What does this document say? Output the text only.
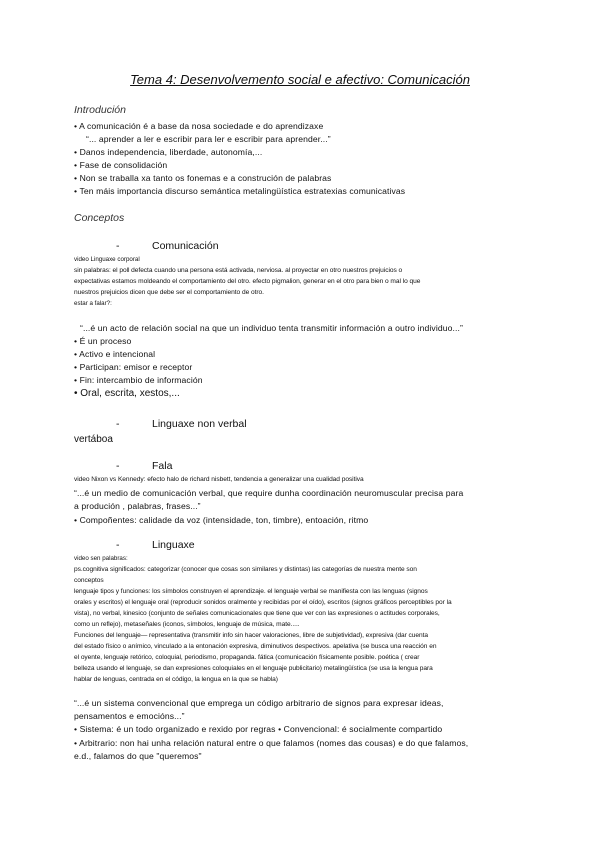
Tema 4: Desenvolvemento social e afectivo: Comunicación
Introdución
• A comunicación é a base da nosa sociedade e do aprendizaxe
“... aprender a ler e escribir para ler e escribir para aprender...”
• Danos independencia, liberdade, autonomía,...
• Fase de consolidación
• Non se traballa xa tanto os fonemas e a construción de palabras
• Ten máis importancia discurso semántica metalingüística estratexias comunicativas
Conceptos
-	Comunicación
video Linguaxe corporal
sin palabras: el poll defecta cuando una persona está activada, nerviosa. al proyectar en otro nuestros prejuicios o
expectativas estamos moldeando el comportamiento del otro. efecto pigmalion, generar en el otro para bien o mal lo que
nuestros prejuicios dicen que debe ser el comportamiento de otro.
estar a falar?:
“...é un acto de relación social na que un individuo tenta transmitir información a outro individuo...”
• É un proceso
• Activo e intencional
• Participan: emisor e receptor
• Fin: intercambio de información
• Oral, escrita, xestos,...
-	Linguaxe non verbal
vertáboa
-	Fala
video Nixon vs Kennedy: efecto halo de richard nisbett, tendencia a generalizar una cualidad positiva
“...é un medio de comunicación verbal, que require dunha coordinación neuromuscular precisa para
a produción , palabras, frases...”
• Compoñentes: calidade da voz (intensidade, ton, timbre), entoación, ritmo
-	Linguaxe
video sen palabras:
ps.cognitiva significados: categorizar (conocer que cosas son similares y distintas) las categorías de nuestra mente son
conceptos
lenguaje tipos y funciones: los símbolos construyen el aprendizaje. el lenguaje verbal se manifiesta con las lenguas (signos
orales y escritos) el lenguaje oral (reproducir sonidos oralmente y recibidas por el oído), escritos (signos gráficos perceptibles por la
vista), no verbal, kinesico (conjunto de señales comunicacionales que tiene que ver con las expresiones o actitudes corporales,
como un reflejo), metaseñales (iconos, símbolos, lenguaje de música, mate.....
Funciones del lenguaje— representativa (transmitir info sin hacer valoraciones, libre de subjetividad), expresiva (dar cuenta
del estado físico o anímico, vinculado a la entonación expresiva, diminutivos despectivos. apelativa (se busca una reacción en
el oyente, lenguaje retórico, coloquial, periodismo, propaganda. fática (comunicación físicamente posible. poética ( crear
belleza usando el lenguaje, se dan expresiones coloquiales en el lenguaje publicitario) metalingüística (se usa la lengua para
hablar de lenguas, centrada en el código, la lengua en la que se habla)
“...é un sistema convencional que emprega un código arbitrario de signos para expresar ideas,
pensamentos e emocións...”
• Sistema: é un todo organizado e rexido por regras • Convencional: é socialmente compartido
• Arbitrario: non hai unha relación natural entre o que falamos (nomes das cousas) e do que falamos,
e.d., falamos do que "queremos"
